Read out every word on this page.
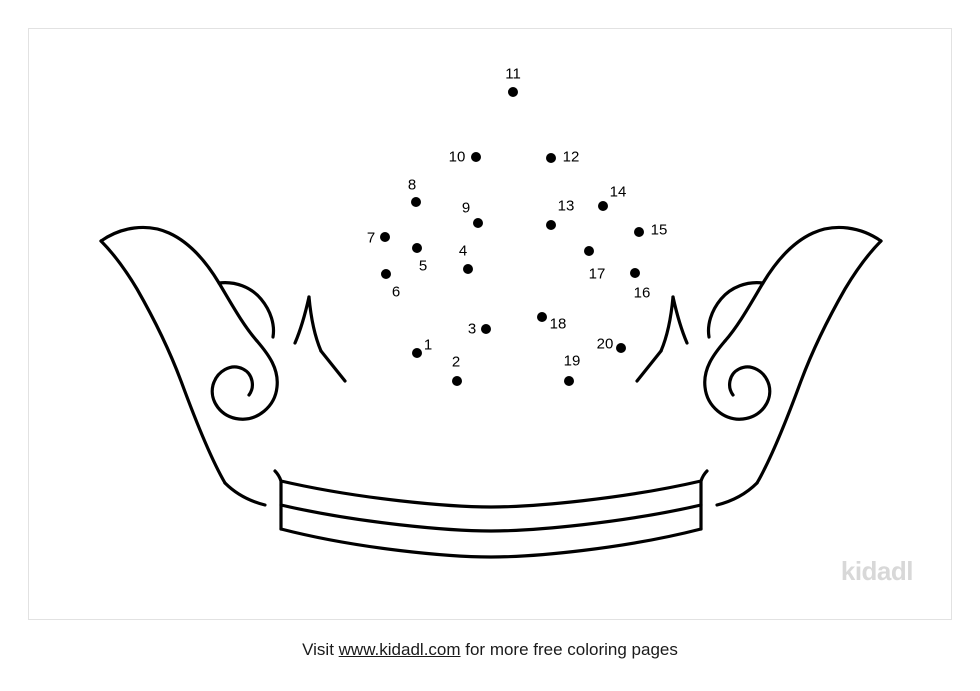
1
2
3
4
5
6
7
8
9
10
11
12
13
14
15
16
17
18
19
20
kidadl
Visit www.kidadl.com for more free coloring pages
